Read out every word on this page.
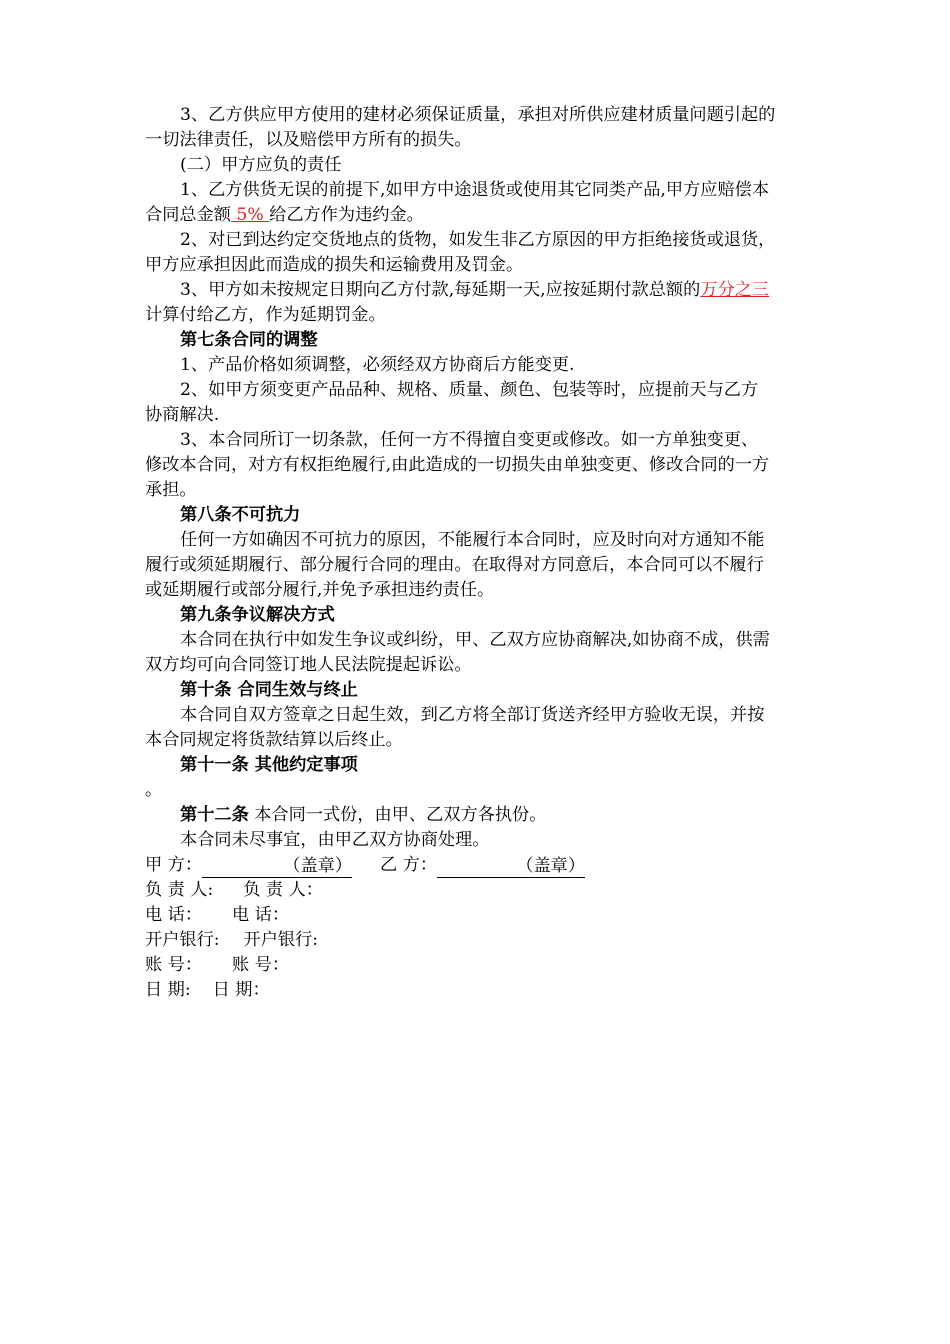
3、乙方供应甲方使用的建材必须保证质量，承担对所供应建材质量问题引起的

一切法律责任，以及赔偿甲方所有的损失。

(二）甲方应负的责任

1、乙方供货无误的前提下,如甲方中途退货或使用其它同类产品,甲方应赔偿本

合同总金额 5% 给乙方作为违约金。

2、对已到达约定交货地点的货物，如发生非乙方原因的甲方拒绝接货或退货，

甲方应承担因此而造成的损失和运输费用及罚金。

3、甲方如未按规定日期向乙方付款,每延期一天,应按延期付款总额的万分之三

计算付给乙方，作为延期罚金。

第七条合同的调整

1、产品价格如须调整，必须经双方协商后方能变更.

2、如甲方须变更产品品种、规格、质量、颜色、包装等时，应提前天与乙方

协商解决.

3、本合同所订一切条款，任何一方不得擅自变更或修改。如一方单独变更、

修改本合同，对方有权拒绝履行,由此造成的一切损失由单独变更、修改合同的一方

承担。

第八条不可抗力

任何一方如确因不可抗力的原因，不能履行本合同时，应及时向对方通知不能

履行或须延期履行、部分履行合同的理由。在取得对方同意后，本合同可以不履行

或延期履行或部分履行,并免予承担违约责任。

第九条争议解决方式

本合同在执行中如发生争议或纠纷，甲、乙双方应协商解决,如协商不成，供需

双方均可向合同签订地人民法院提起诉讼。

第十条 合同生效与终止

本合同自双方签章之日起生效，到乙方将全部订货送齐经甲方验收无误，并按

本合同规定将货款结算以后终止。

第十一条 其他约定事项

。

第十二条 本合同一式份，由甲、乙双方各执份。

本合同未尽事宜，由甲乙双方协商处理。

甲 方：	（盖章） 乙 方：	（盖章）

负 责 人: 负 责 人：

电 话： 电 话：

开户银行: 开户银行:

账 号： 账 号：

日 期: 日 期：
